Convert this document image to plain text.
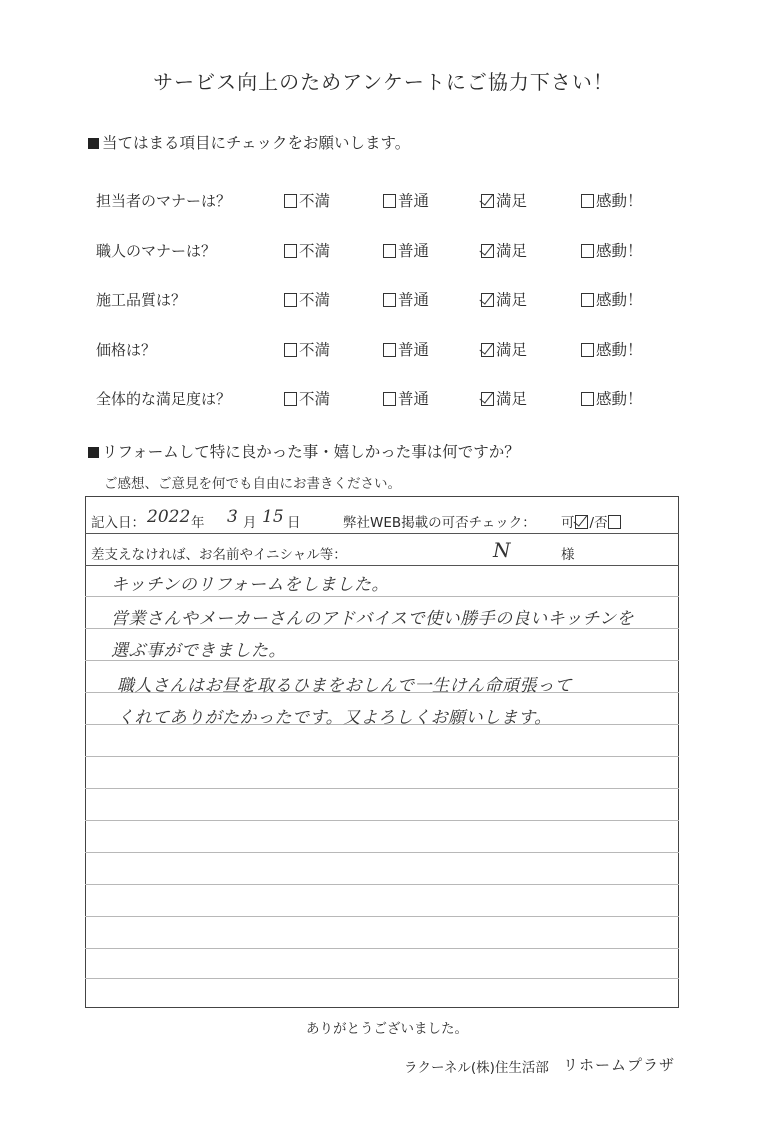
サービス向上のためアンケートにご協力下さい！
当てはまる項目にチェックをお願いします。
担当者のマナーは？	不満	普通	満足	感動！
職人のマナーは？	不満	普通	満足	感動！
施工品質は？	不満	普通	満足	感動！
価格は？	不満	普通	満足	感動！
全体的な満足度は？	不満	普通	満足	感動！
リフォームして特に良かった事・嬉しかった事は何ですか？
ご感想、ご意見を何でも自由にお書きください。
記入日： 2022 年 3 月 15 日	弊社WEB掲載の可否チェック： 可 /否
差支えなければ、お名前やイニシャル等：	N	様
キッチンのリフォームをしました。
営業さんやメーカーさんのアドバイスで使い勝手の良いキッチンを
選ぶ事ができました。
職人さんはお昼を取るひまをおしんで一生けん命頑張って
くれてありがたかったです。又よろしくお願いします。
ありがとうございました。
ラクーネル(株)住生活部 リホームプラザ
